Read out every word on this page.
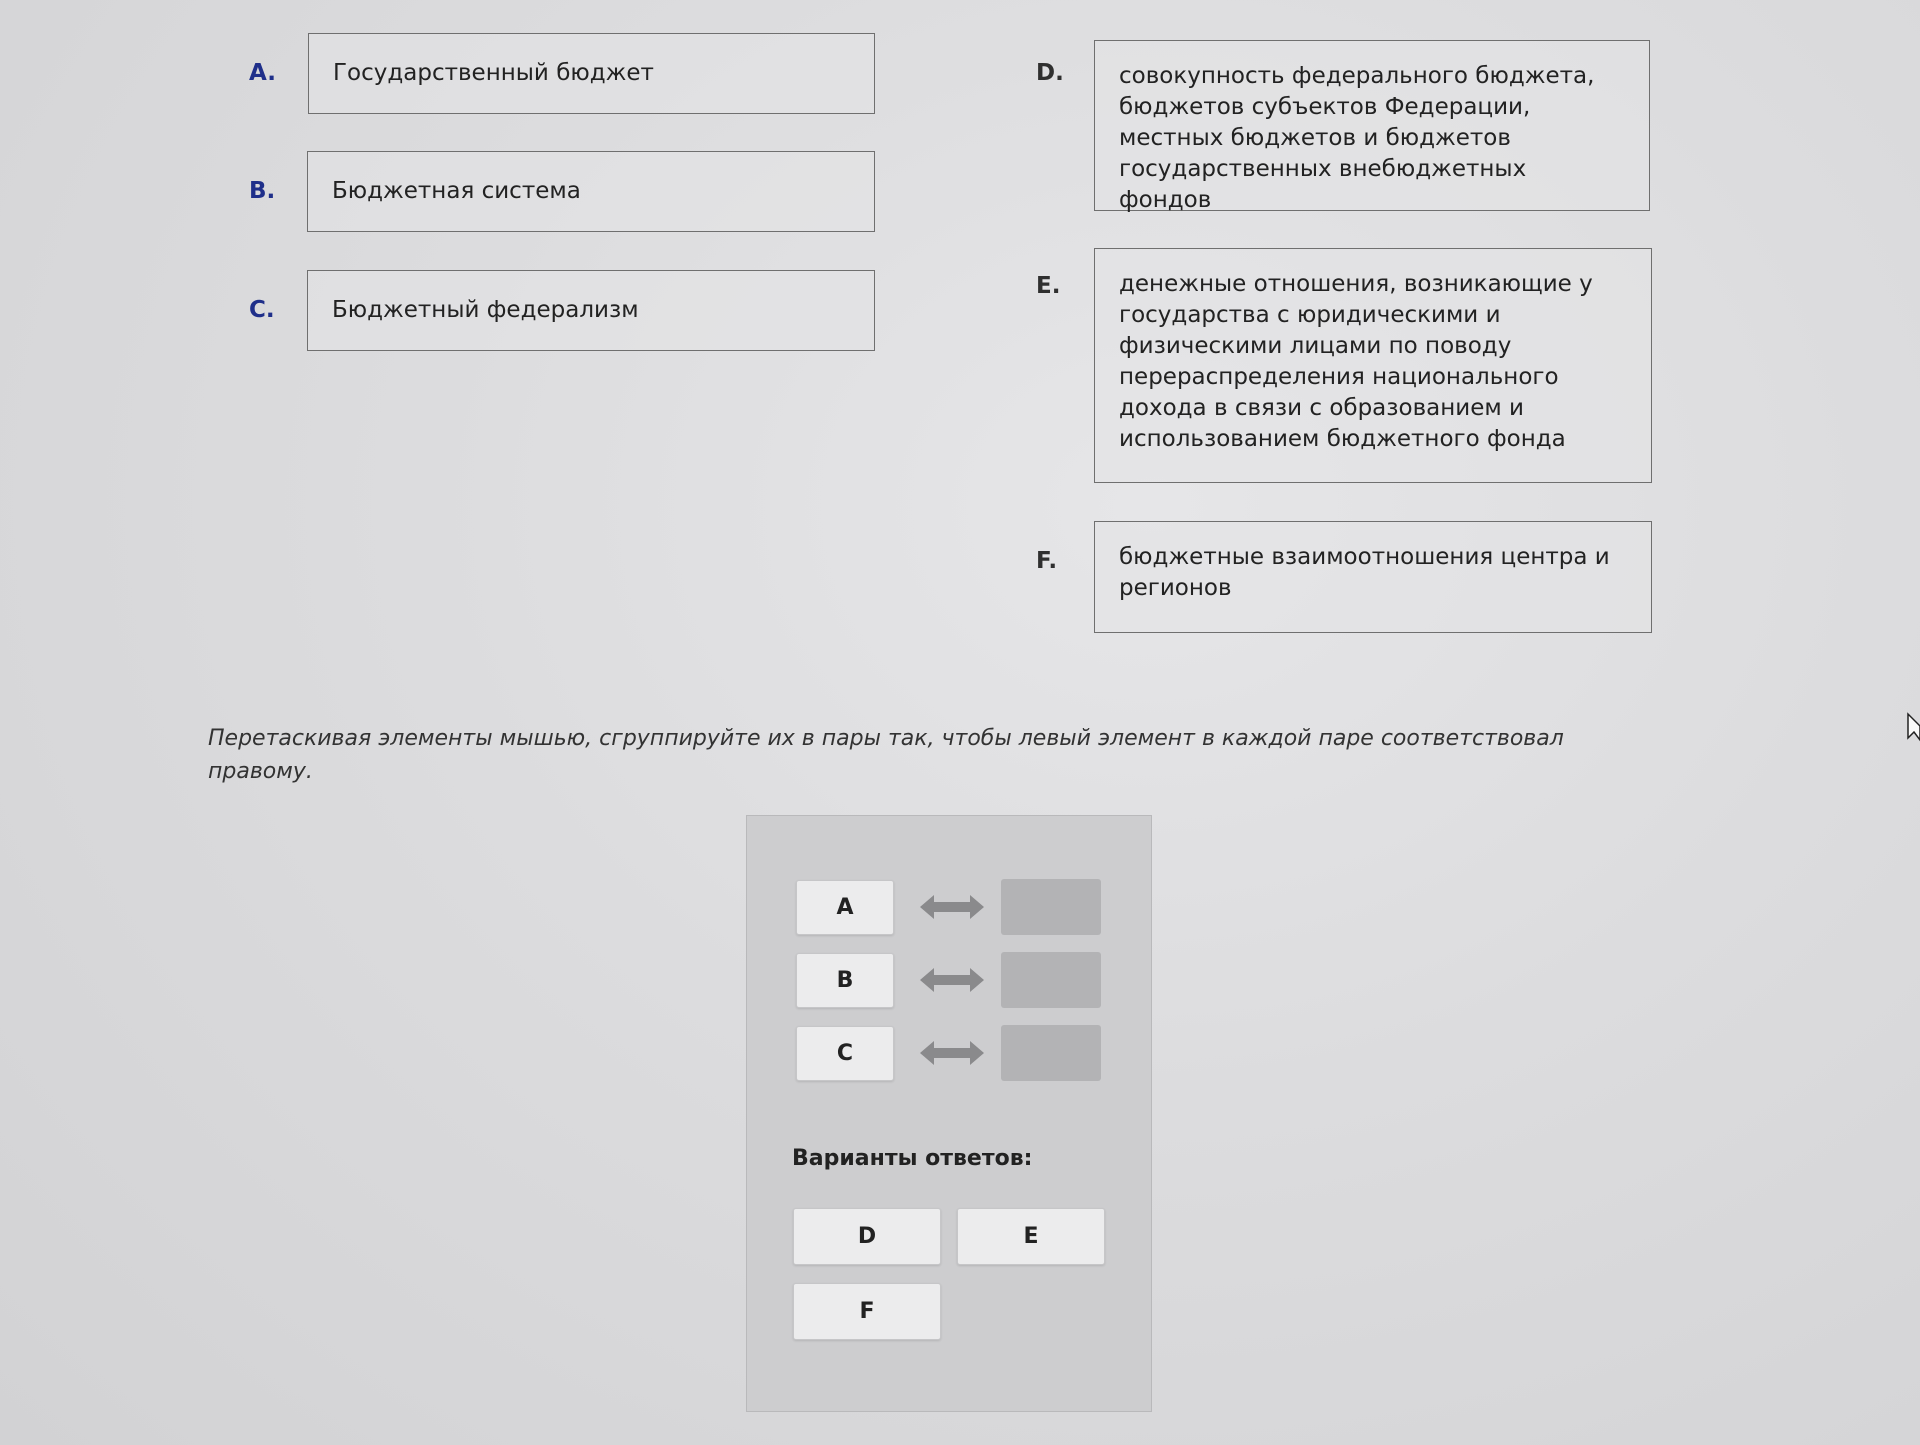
A. Государственный бюджет
B. Бюджетная система
C. Бюджетный федерализм
D.	совокупность федерального бюджета, бюджетов субъектов Федерации, местных бюджетов и бюджетов государственных внебюджетных фондов
E.	денежные отношения, возникающие у государства с юридическими и физическими лицами по поводу перераспределения национального дохода в связи с образованием и использованием бюджетного фонда
F.	бюджетные взаимоотношения центра и регионов
Перетаскивая элементы мышью, сгруппируйте их в пары так, чтобы левый элемент в каждой паре соответствовал правому.
A
B
C
Варианты ответов:
D	E
F
